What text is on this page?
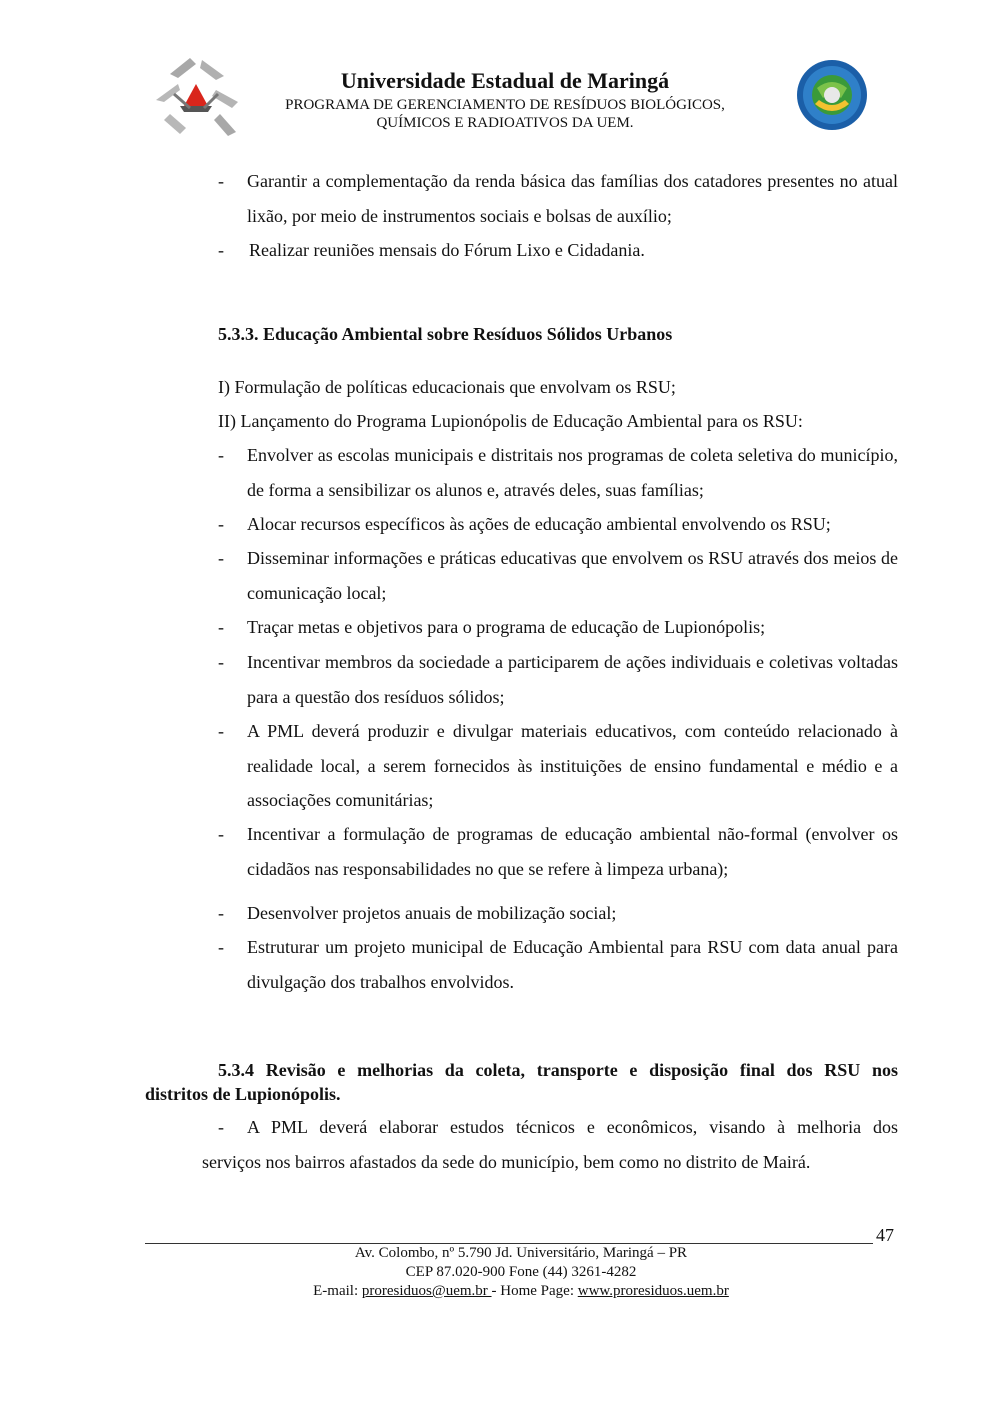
Universidade Estadual de Maringá
PROGRAMA DE GERENCIAMENTO DE RESÍDUOS BIOLÓGICOS,
QUÍMICOS E RADIOATIVOS DA UEM.
- Garantir a complementação da renda básica das famílias dos catadores presentes no atual lixão, por meio de instrumentos sociais e bolsas de auxílio;
- Realizar reuniões mensais do Fórum Lixo e Cidadania.
5.3.3. Educação Ambiental sobre Resíduos Sólidos Urbanos
I) Formulação de políticas educacionais que envolvam os RSU;
II) Lançamento do Programa Lupionópolis de Educação Ambiental para os RSU:
- Envolver as escolas municipais e distritais nos programas de coleta seletiva do município, de forma a sensibilizar os alunos e, através deles, suas famílias;
- Alocar recursos específicos às ações de educação ambiental envolvendo os RSU;
- Disseminar informações e práticas educativas que envolvem os RSU através dos meios de comunicação local;
- Traçar metas e objetivos para o programa de educação de Lupionópolis;
- Incentivar membros da sociedade a participarem de ações individuais e coletivas voltadas para a questão dos resíduos sólidos;
- A PML deverá produzir e divulgar materiais educativos, com conteúdo relacionado à realidade local, a serem fornecidos às instituições de ensino fundamental e médio e a associações comunitárias;
- Incentivar a formulação de programas de educação ambiental não-formal (envolver os cidadãos nas responsabilidades no que se refere à limpeza urbana);
- Desenvolver projetos anuais de mobilização social;
- Estruturar um projeto municipal de Educação Ambiental para RSU com data anual para divulgação dos trabalhos envolvidos.
5.3.4 Revisão e melhorias da coleta, transporte e disposição final dos RSU nos
distritos de Lupionópolis.
- A PML deverá elaborar estudos técnicos e econômicos, visando à melhoria dos
serviços nos bairros afastados da sede do município, bem como no distrito de Mairá.
47
Av. Colombo, nº 5.790 Jd. Universitário, Maringá – PR
CEP 87.020-900 Fone (44) 3261-4282
E-mail: proresiduos@uem.br - Home Page: www.proresiduos.uem.br
